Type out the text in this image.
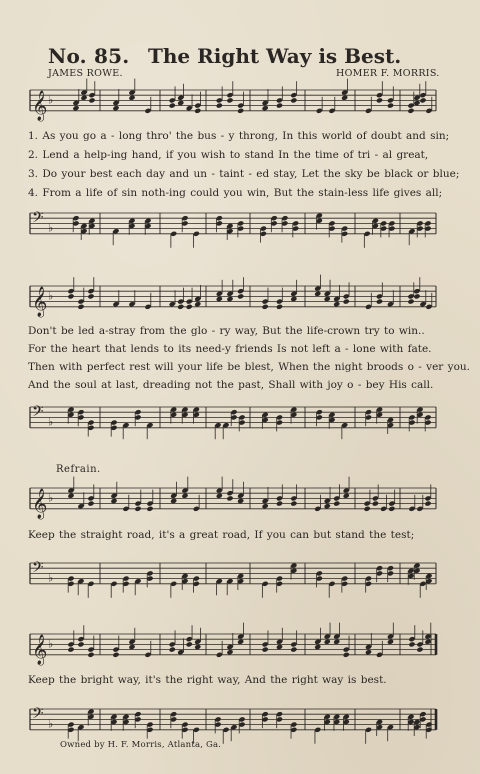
No. 85. The Right Way is Best.
JAMES ROWE.	HOMER F. MORRIS.
𝄞 ♭

1. As you go a - long thro' the bus - y throng, In this world of doubt and sin;
2. Lend a help-ing hand, if you wish to stand In the time of tri - al great,
3. Do your best each day and un - taint - ed stay, Let the sky be black or blue;
4. From a life of sin noth-ing could you win, But the stain-less life gives all;
𝄢 ♭

𝄞 ♭
Don't be led a-stray from the glo - ry way, But the life-crown try to win..
For the heart that lends to its need-y friends Is not left a - lone with fate.
Then with perfect rest will your life be blest, When the night broods o - ver you.
And the soul at last, dreading not the past, Shall with joy o - bey His call.
𝄢 ♭
Refrain.
𝄞 ♭
Keep the straight road, it's a great road, If you can but stand the test;
𝄢 ♭
𝄞 ♭
Keep the bright way, it's the right way, And the right way is best.
𝄢 ♭
Owned by H. F. Morris, Atlanta, Ga.
